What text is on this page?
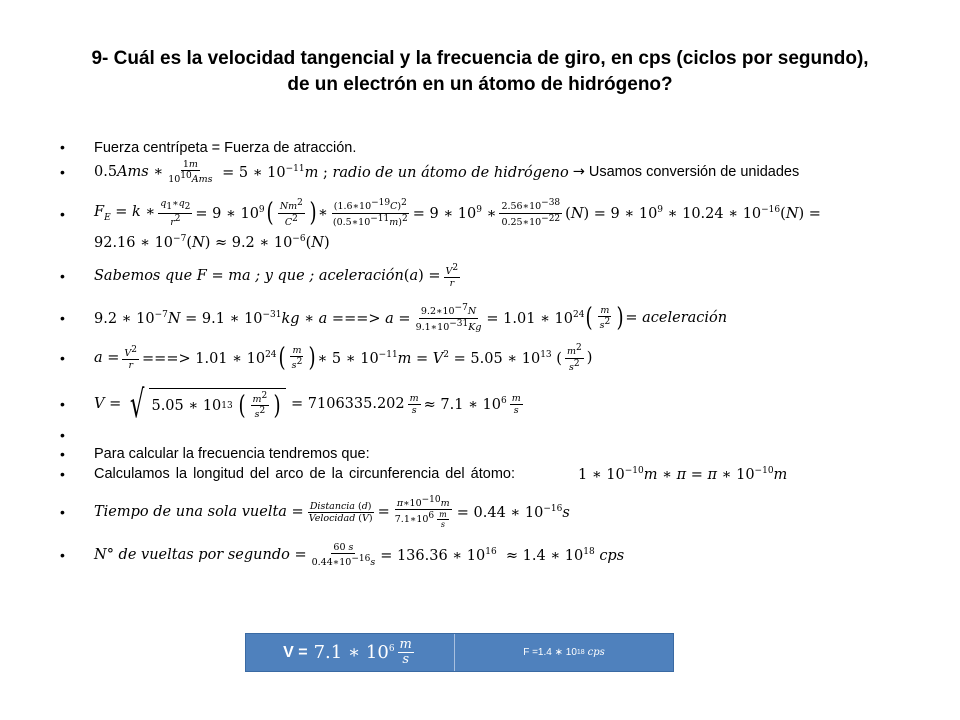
9- Cuál es la velocidad tangencial y la frecuencia de giro, en cps (ciclos por segundo),
de un electrón en un átomo de hidrógeno?
• Fuerza centrípeta = Fuerza de atracción.
• 0.5Ams ∗ $\frac{1m}{10^{10}Ams} = 5$ ∗ $10^{-11}m$ ; radio de un átomo de hidrógeno → Usamos conversión de unidades
• $F_E = k$ ∗ $\frac{q_1∗q_2}{r^2} = 9$ ∗ $10^9$ ( $\frac{Nm^2}{C^2}$ ) ∗ $\frac{(1.6∗10^{-19}C)^2}{(0.5∗10^{-11}m)^2} = 9$ ∗ $10^9$ ∗ $\frac{2.56∗10^{-38}}{0.25∗10^{-22}} (N) = 9$ ∗ $10^9$ ∗ 10.24 ∗ $10^{-16}(N)$ =
92.16 ∗ $10^{-7}(N) \approx 9.2$ ∗ $10^{-6}(N)$
• Sabemos que F = ma ; y que ; aceleración $(a) = \frac{V^2}{r}$
• 9.2 ∗ $10^{-7}N = 9.1$ ∗ $10^{-31}kg$ ∗ a ===> $a = \frac{9.2∗10^{-7}N}{9.1∗10^{-31}Kg} = 1.01$ ∗ $10^{24}$ ( $\frac{m}{s^2}$ ) = aceleración
• $a = \frac{V^2}{r}$ ===> 1.01 ∗ $10^{24}$ ( $\frac{m}{s^2}$ ) ∗ 5 ∗ $10^{-11}m = V^2 = 5.05$ ∗ $10^{13}$ ( $\frac{m^2}{s^2}$ )
• V = √ 5.05 ∗ 10 13
( $\frac{m^2}{s^2}$ ) = $7106335.202 \frac{m}{s} \approx 7.1$ ∗ $10^6 \frac{m}{s}$
•
• Para calcular la frecuencia tendremos que:
• Calculamos la longitud del arco de la circunferencia del átomo:	1 ∗ $10^{-10}m$ ∗ π = π ∗ $10^{-10}m$
• Tiempo de una sola vuelta = $\frac{\text{Distancia (d)}}{\text{Velocidad (V)}} = \frac{\pi∗10^{-10}m}{7.1∗10^6 \frac{m}{s}} = 0.44$ ∗ $10^{-16}s$
• N° de vueltas por segundo = $\frac{60 s}{0.44∗10^{-16}s} = 136.36$ ∗ $10^{16} \approx 1.4$ ∗ $10^{18}$ cps
V = 7.1 ∗ $10^6 \frac{m}{s}$	F =1.4 ∗ 10 18 cps
